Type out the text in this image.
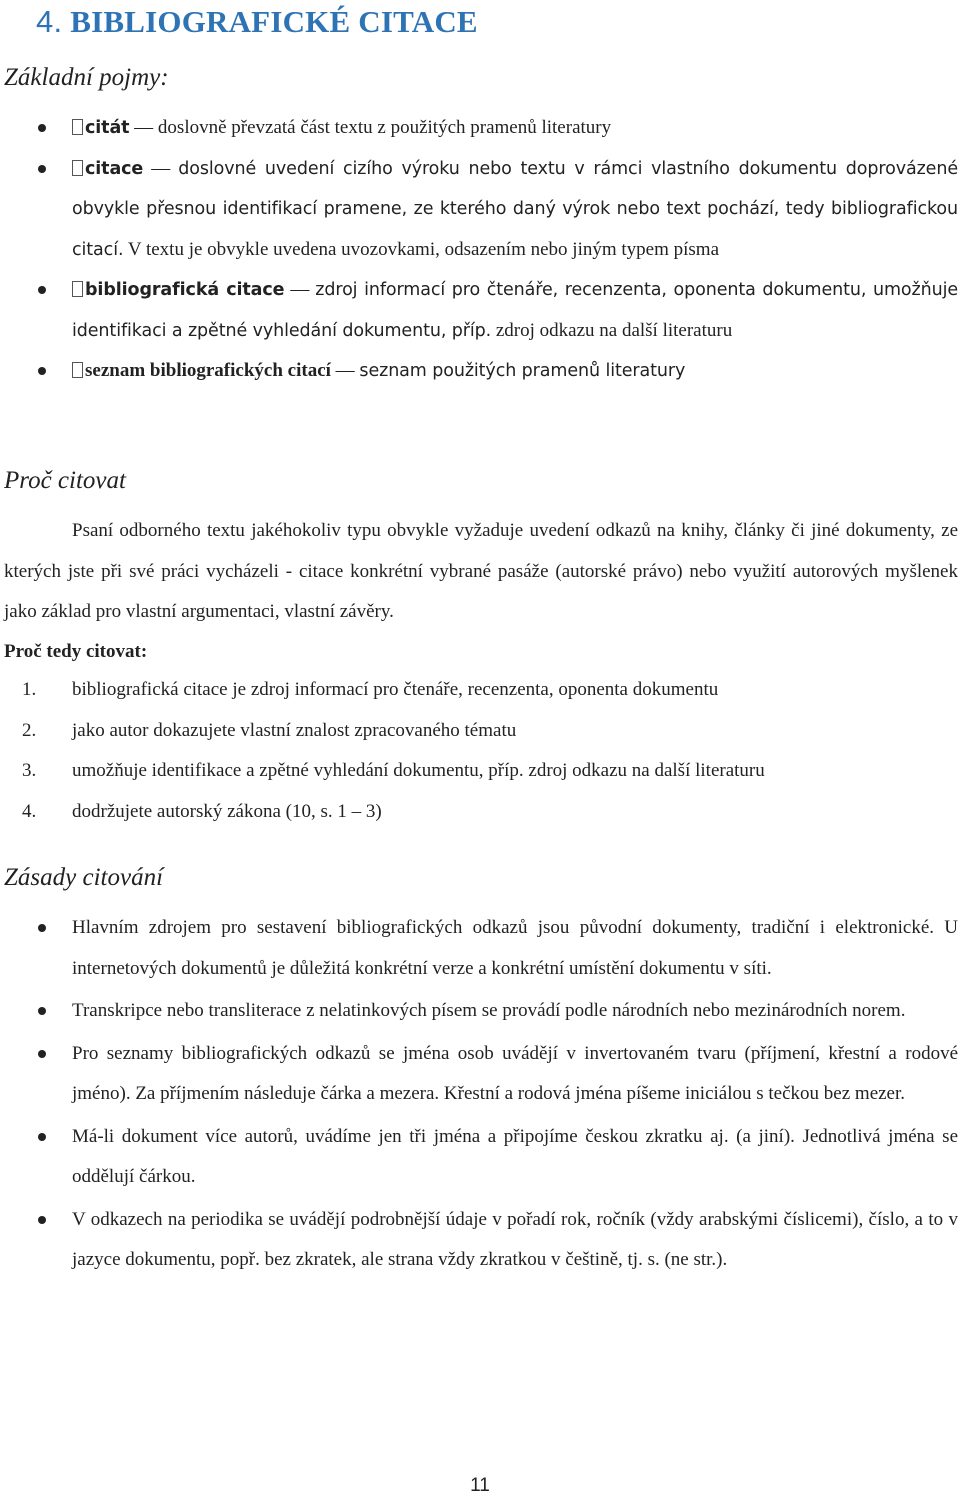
4. BIBLIOGRAFICKÉ CITACE
Základní pojmy:
citát — doslovně převzatá část textu z použitých pramenů literatury
citace — doslovné uvedení cizího výroku nebo textu v rámci vlastního dokumentu doprovázené obvykle přesnou identifikací pramene, ze kterého daný výrok nebo text pochází, tedy bibliografickou citací. V textu je obvykle uvedena uvozovkami, odsazením nebo jiným typem písma
bibliografická citace — zdroj informací pro čtenáře, recenzenta, oponenta dokumentu, umožňuje identifikaci a zpětné vyhledání dokumentu, příp. zdroj odkazu na další literaturu
seznam bibliografických citací — seznam použitých pramenů literatury
Proč citovat

Psaní odborného textu jakéhokoliv typu obvykle vyžaduje uvedení odkazů na knihy, články či jiné dokumenty, ze kterých jste při své práci vycházeli - citace konkrétní vybrané pasáže (autorské právo) nebo využití autorových myšlenek jako základ pro vlastní argumentaci, vlastní závěry.

Proč tedy citovat:
1. bibliografická citace je zdroj informací pro čtenáře, recenzenta, oponenta dokumentu
2. jako autor dokazujete vlastní znalost zpracovaného tématu
3. umožňuje identifikace a zpětné vyhledání dokumentu, příp. zdroj odkazu na další literaturu
4. dodržujete autorský zákona (10, s. 1 – 3)
Zásady citování
Hlavním zdrojem pro sestavení bibliografických odkazů jsou původní dokumenty, tradiční i elektronické. U internetových dokumentů je důležitá konkrétní verze a konkrétní umístění dokumentu v síti.
Transkripce nebo transliterace z nelatinkových písem se provádí podle národních nebo mezinárodních norem.
Pro seznamy bibliografických odkazů se jména osob uvádějí v invertovaném tvaru (příjmení, křestní a rodové jméno). Za příjmením následuje čárka a mezera. Křestní a rodová jména píšeme iniciálou s tečkou bez mezer.
Má-li dokument více autorů, uvádíme jen tři jména a připojíme českou zkratku aj. (a jiní). Jednotlivá jména se oddělují čárkou.
V odkazech na periodika se uvádějí podrobnější údaje v pořadí rok, ročník (vždy arabskými číslicemi), číslo, a to v jazyce dokumentu, popř. bez zkratek, ale strana vždy zkratkou v češtině, tj. s. (ne str.).
11
